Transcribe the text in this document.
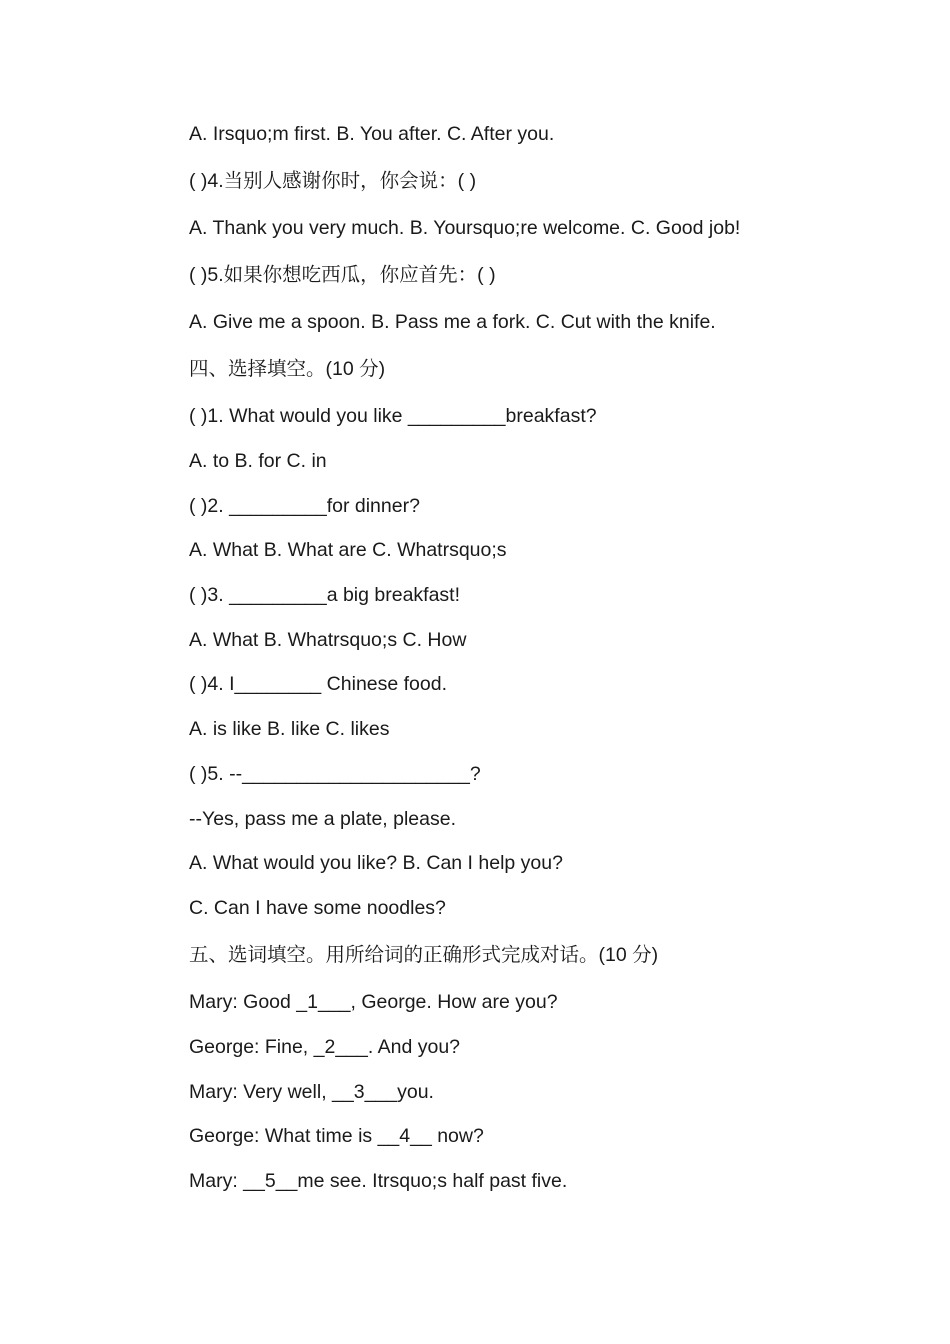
A. Irsquo;m first. B. You after. C. After you.

( )4.当别人感谢你时，你会说：( )

A. Thank you very much. B. Yoursquo;re welcome. C. Good job!

( )5.如果你想吃西瓜，你应首先：( )

A. Give me a spoon. B. Pass me a fork. C. Cut with the knife.

四、选择填空。(10 分)

( )1. What would you like _________breakfast?

A. to B. for C. in

( )2. _________for dinner?

A. What B. What are C. Whatrsquo;s

( )3. _________a big breakfast!

A. What B. Whatrsquo;s C. How

( )4. I________ Chinese food.

A. is like B. like C. likes

( )5. --_____________________?

--Yes, pass me a plate, please.

A. What would you like? B. Can I help you?

C. Can I have some noodles?

五、选词填空。用所给词的正确形式完成对话。(10 分)

Mary: Good _1___, George. How are you?

George: Fine, _2___. And you?

Mary: Very well, __3___you.

George: What time is __4__ now?

Mary: __5__me see. Itrsquo;s half past five.
